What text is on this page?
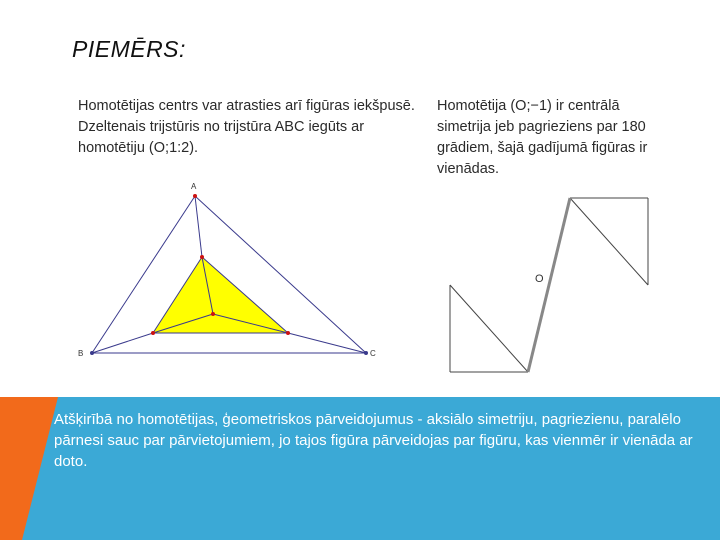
PIEMĒRS:
Homotētijas centrs var atrasties arī figūras iekšpusē. Dzeltenais trijstūris no trijstūra ABC iegūts ar homotētiju (O;1:2).
Homotētija (O;−1) ir centrālā simetrija jeb pagrieziens par 180 grādiem, šajā gadījumā figūras ir vienādas.
A
B	C
O
Atšķirībā no homotētijas, ģeometriskos pārveidojumus - aksiālo simetriju, pagriezienu, paralēlo pārnesi sauc par pārvietojumiem, jo tajos figūra pārveidojas par figūru, kas vienmēr ir vienāda ar doto.
